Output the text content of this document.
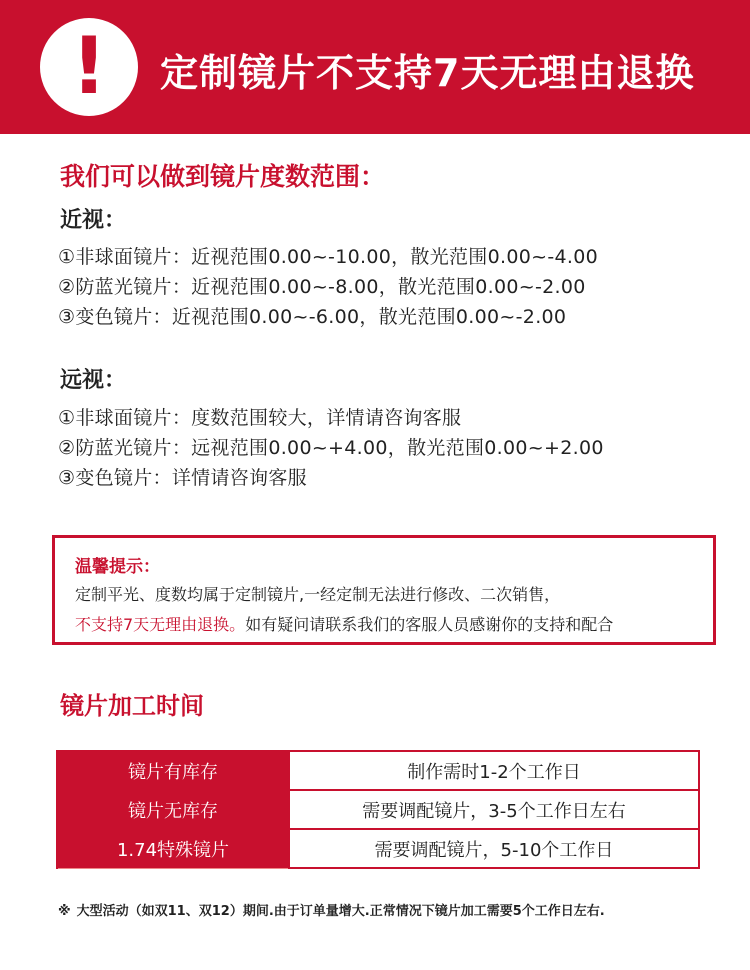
!	定制镜片不支持7天无理由退换
我们可以做到镜片度数范围：
近视：
①非球面镜片：近视范围0.00~-10.00，散光范围0.00~-4.00
②防蓝光镜片：近视范围0.00~-8.00，散光范围0.00~-2.00
③变色镜片：近视范围0.00~-6.00，散光范围0.00~-2.00
远视：
①非球面镜片：度数范围较大，详情请咨询客服
②防蓝光镜片：远视范围0.00~+4.00，散光范围0.00~+2.00
③变色镜片：详情请咨询客服
温馨提示：
定制平光、度数均属于定制镜片,一经定制无法进行修改、二次销售，
不支持7天无理由退换。如有疑问请联系我们的客服人员感谢你的支持和配合
镜片加工时间
镜片有库存	制作需时1-2个工作日
镜片无库存	需要调配镜片，3-5个工作日左右
1.74特殊镜片	需要调配镜片，5-10个工作日
※ 大型活动（如双11、双12）期间.由于订单量增大.正常情况下镜片加工需要5个工作日左右.
